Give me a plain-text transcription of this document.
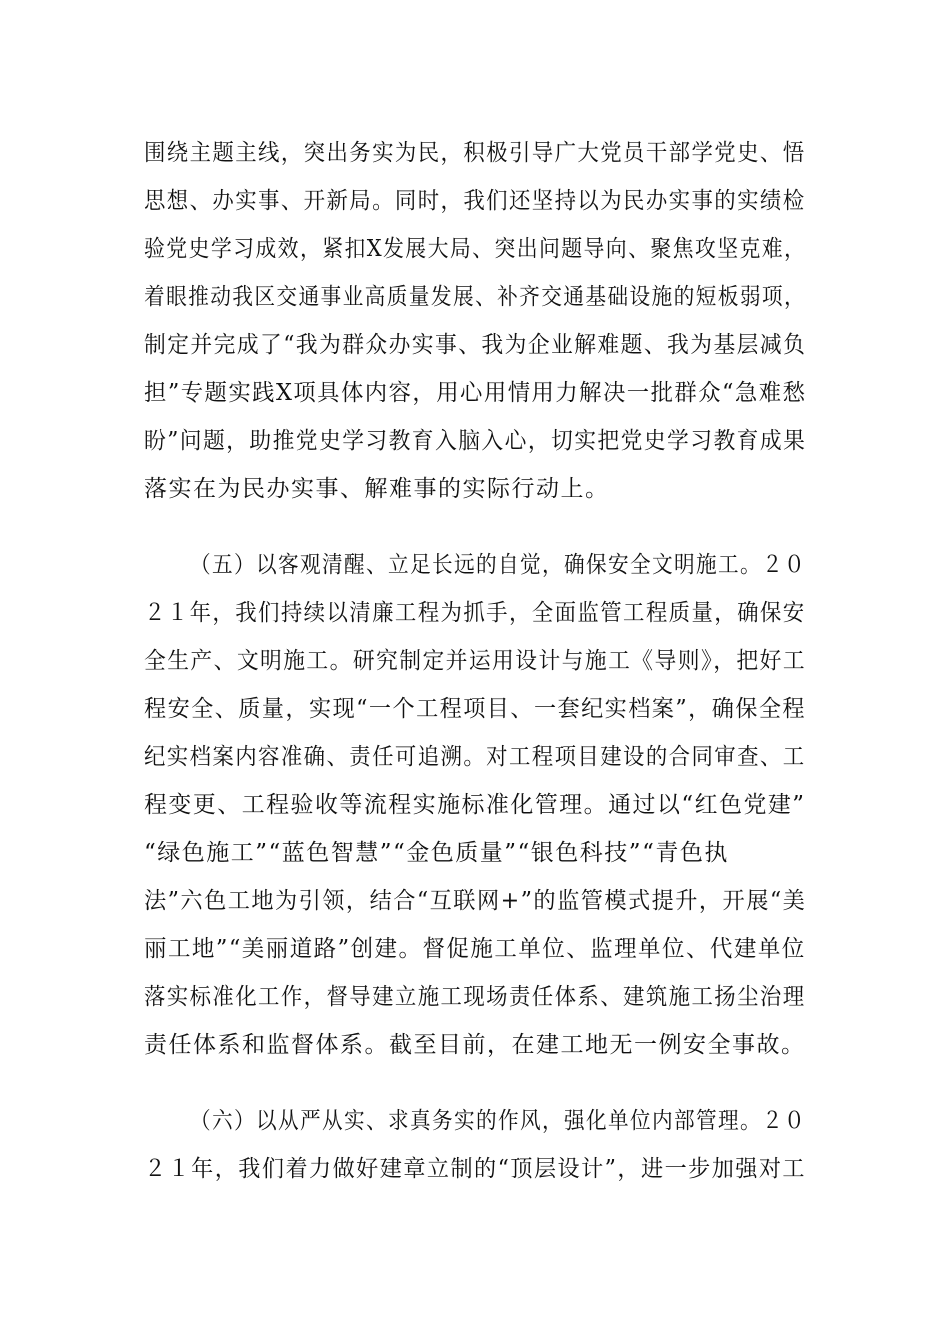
围绕主题主线，突出务实为民，积极引导广大党员干部学党史、悟
思想、办实事、开新局。同时，我们还坚持以为民办实事的实绩检
验党史学习成效，紧扣X发展大局、突出问题导向、聚焦攻坚克难，
着眼推动我区交通事业高质量发展、补齐交通基础设施的短板弱项，
制定并完成了“我为群众办实事、我为企业解难题、我为基层减负
担”专题实践X项具体内容，用心用情用力解决一批群众“急难愁
盼”问题，助推党史学习教育入脑入心，切实把党史学习教育成果
落实在为民办实事、解难事的实际行动上。
（五）以客观清醒、立足长远的自觉，确保安全文明施工。２０
２１年，我们持续以清廉工程为抓手，全面监管工程质量，确保安
全生产、文明施工。研究制定并运用设计与施工《导则》，把好工
程安全、质量，实现“一个工程项目、一套纪实档案”，确保全程
纪实档案内容准确、责任可追溯。对工程项目建设的合同审查、工
程变更、工程验收等流程实施标准化管理。通过以“红色党建”
“绿色施工”“蓝色智慧”“金色质量”“银色科技”“青色执
法”六色工地为引领，结合“互联网+”的监管模式提升，开展“美
丽工地”“美丽道路”创建。督促施工单位、监理单位、代建单位
落实标准化工作，督导建立施工现场责任体系、建筑施工扬尘治理
责任体系和监督体系。截至目前，在建工地无一例安全事故。
（六）以从严从实、求真务实的作风，强化单位内部管理。２０
２１年，我们着力做好建章立制的“顶层设计”，进一步加强对工
